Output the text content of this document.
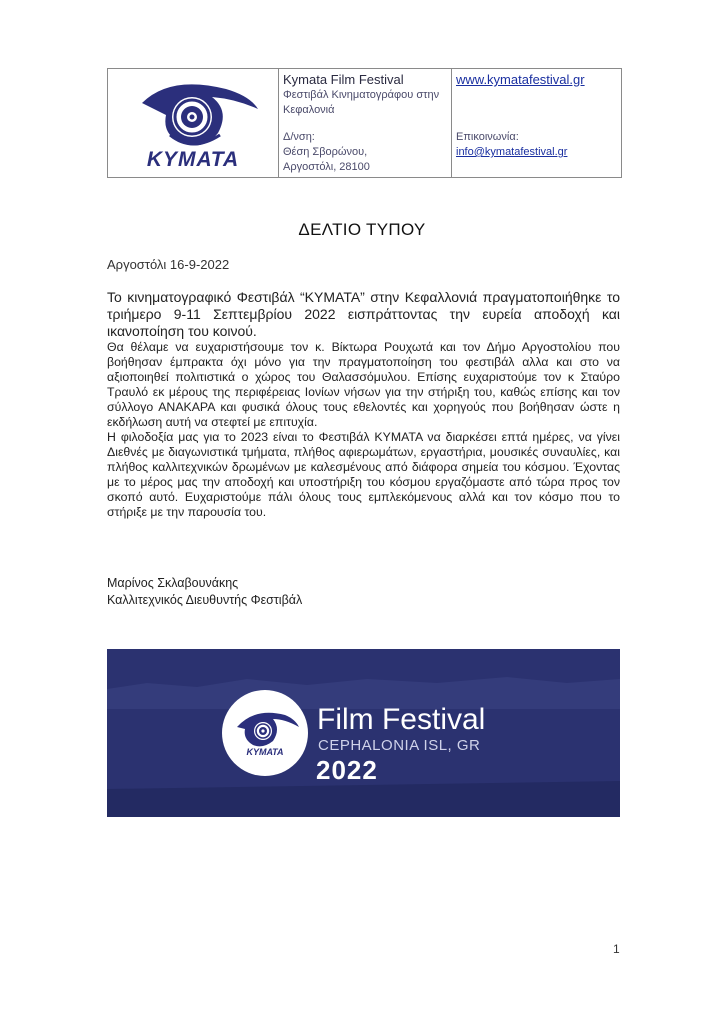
ΚΥΜΑΤΑ

Kymata Film Festival
Φεστιβάλ Κινηματογράφου στην Κεφαλονιά
Δ/νση:
Θέση Σβορώνου,
Αργοστόλι, 28100

www.kymatafestival.gr
Επικοινωνία:
info@kymatafestival.gr
ΔΕΛΤΙΟ ΤΥΠΟΥ
Αργοστόλι 16-9-2022
Το κινηματογραφικό Φεστιβάλ “ΚΥΜΑΤΑ” στην Κεφαλλονιά πραγματοποιήθηκε το τριήμερο 9-11 Σεπτεμβρίου 2022 εισπράττοντας την ευρεία αποδοχή και ικανοποίηση του κοινού.

Θα θέλαμε να ευχαριστήσουμε τον κ. Βίκτωρα Ρουχωτά και τον Δήμο Αργοστολίου που βοήθησαν έμπρακτα όχι μόνο για την πραγματοποίηση του φεστιβάλ αλλα και στο να αξιοποιηθεί πολιτιστικά ο χώρος του Θαλασσόμυλου. Επίσης ευχαριστούμε τον κ Σταύρο Τραυλό εκ μέρους της περιφέρειας Ιονίων νήσων για την στήριξη του, καθώς επίσης και τον σύλλογο ΑΝΑΚΑΡΑ και φυσικά όλους τους εθελοντές και χορηγούς που βοήθησαν ώστε η εκδήλωση αυτή να στεφτεί με επιτυχία.

Η φιλοδοξία μας για το 2023 είναι το Φεστιβάλ ΚΥΜΑΤΑ να διαρκέσει επτά ημέρες, να γίνει Διεθνές με διαγωνιστικά τμήματα, πλήθος αφιερωμάτων, εργαστήρια, μουσικές συναυλίες, και πλήθος καλλιτεχνικών δρωμένων με καλεσμένους από διάφορα σημεία του κόσμου. Έχοντας με το μέρος μας την αποδοχή και υποστήριξη του κόσμου εργαζόμαστε από τώρα προς τον σκοπό αυτό. Ευχαριστούμε πάλι όλους τους εμπλεκόμενους αλλά και τον κόσμο που το στήριξε με την παρουσία του.

Μαρίνος Σκλαβουνάκης
Καλλιτεχνικός Διευθυντής Φεστιβάλ
ΚΥΜΑΤΑ
Film Festival
CEPHALONIA ISL, GR
2022
1
